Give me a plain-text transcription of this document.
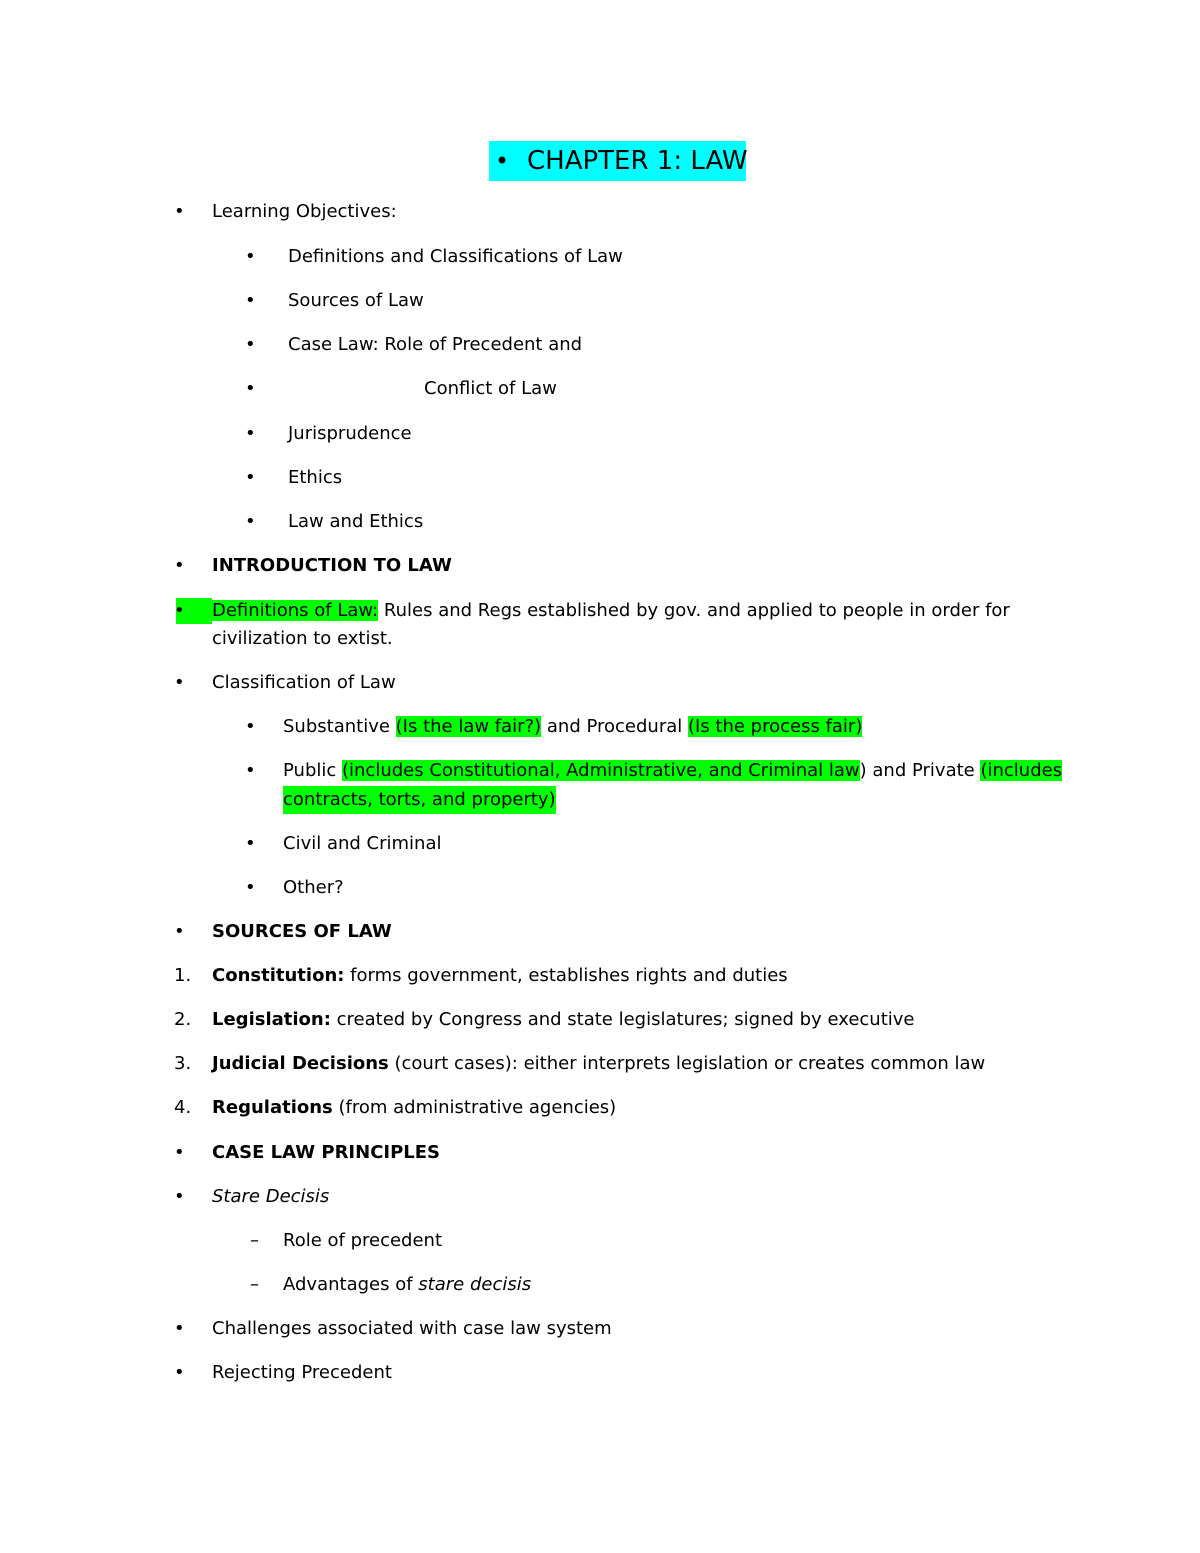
• CHAPTER 1: LAW
•	Learning Objectives:
•	Definitions and Classifications of Law
•	Sources of Law
•	Case Law: Role of Precedent and
•	Conflict of Law
•	Jurisprudence
•	Ethics
•	Law and Ethics
•	INTRODUCTION TO LAW
•	Definitions of Law: Rules and Regs established by gov. and applied to people in order for
civilization to extist.
•	Classification of Law
•	Substantive (Is the law fair?) and Procedural (Is the process fair)
•	Public (includes Constitutional, Administrative, and Criminal law) and Private (includes
contracts, torts, and property)
•	Civil and Criminal
•	Other?
•	SOURCES OF LAW
1. Constitution: forms government, establishes rights and duties
2. Legislation: created by Congress and state legislatures; signed by executive
3. Judicial Decisions (court cases): either interprets legislation or creates common law
4. Regulations (from administrative agencies)
•	CASE LAW PRINCIPLES
•	Stare Decisis
–	Role of precedent
–	Advantages of stare decisis
•	Challenges associated with case law system
•	Rejecting Precedent
